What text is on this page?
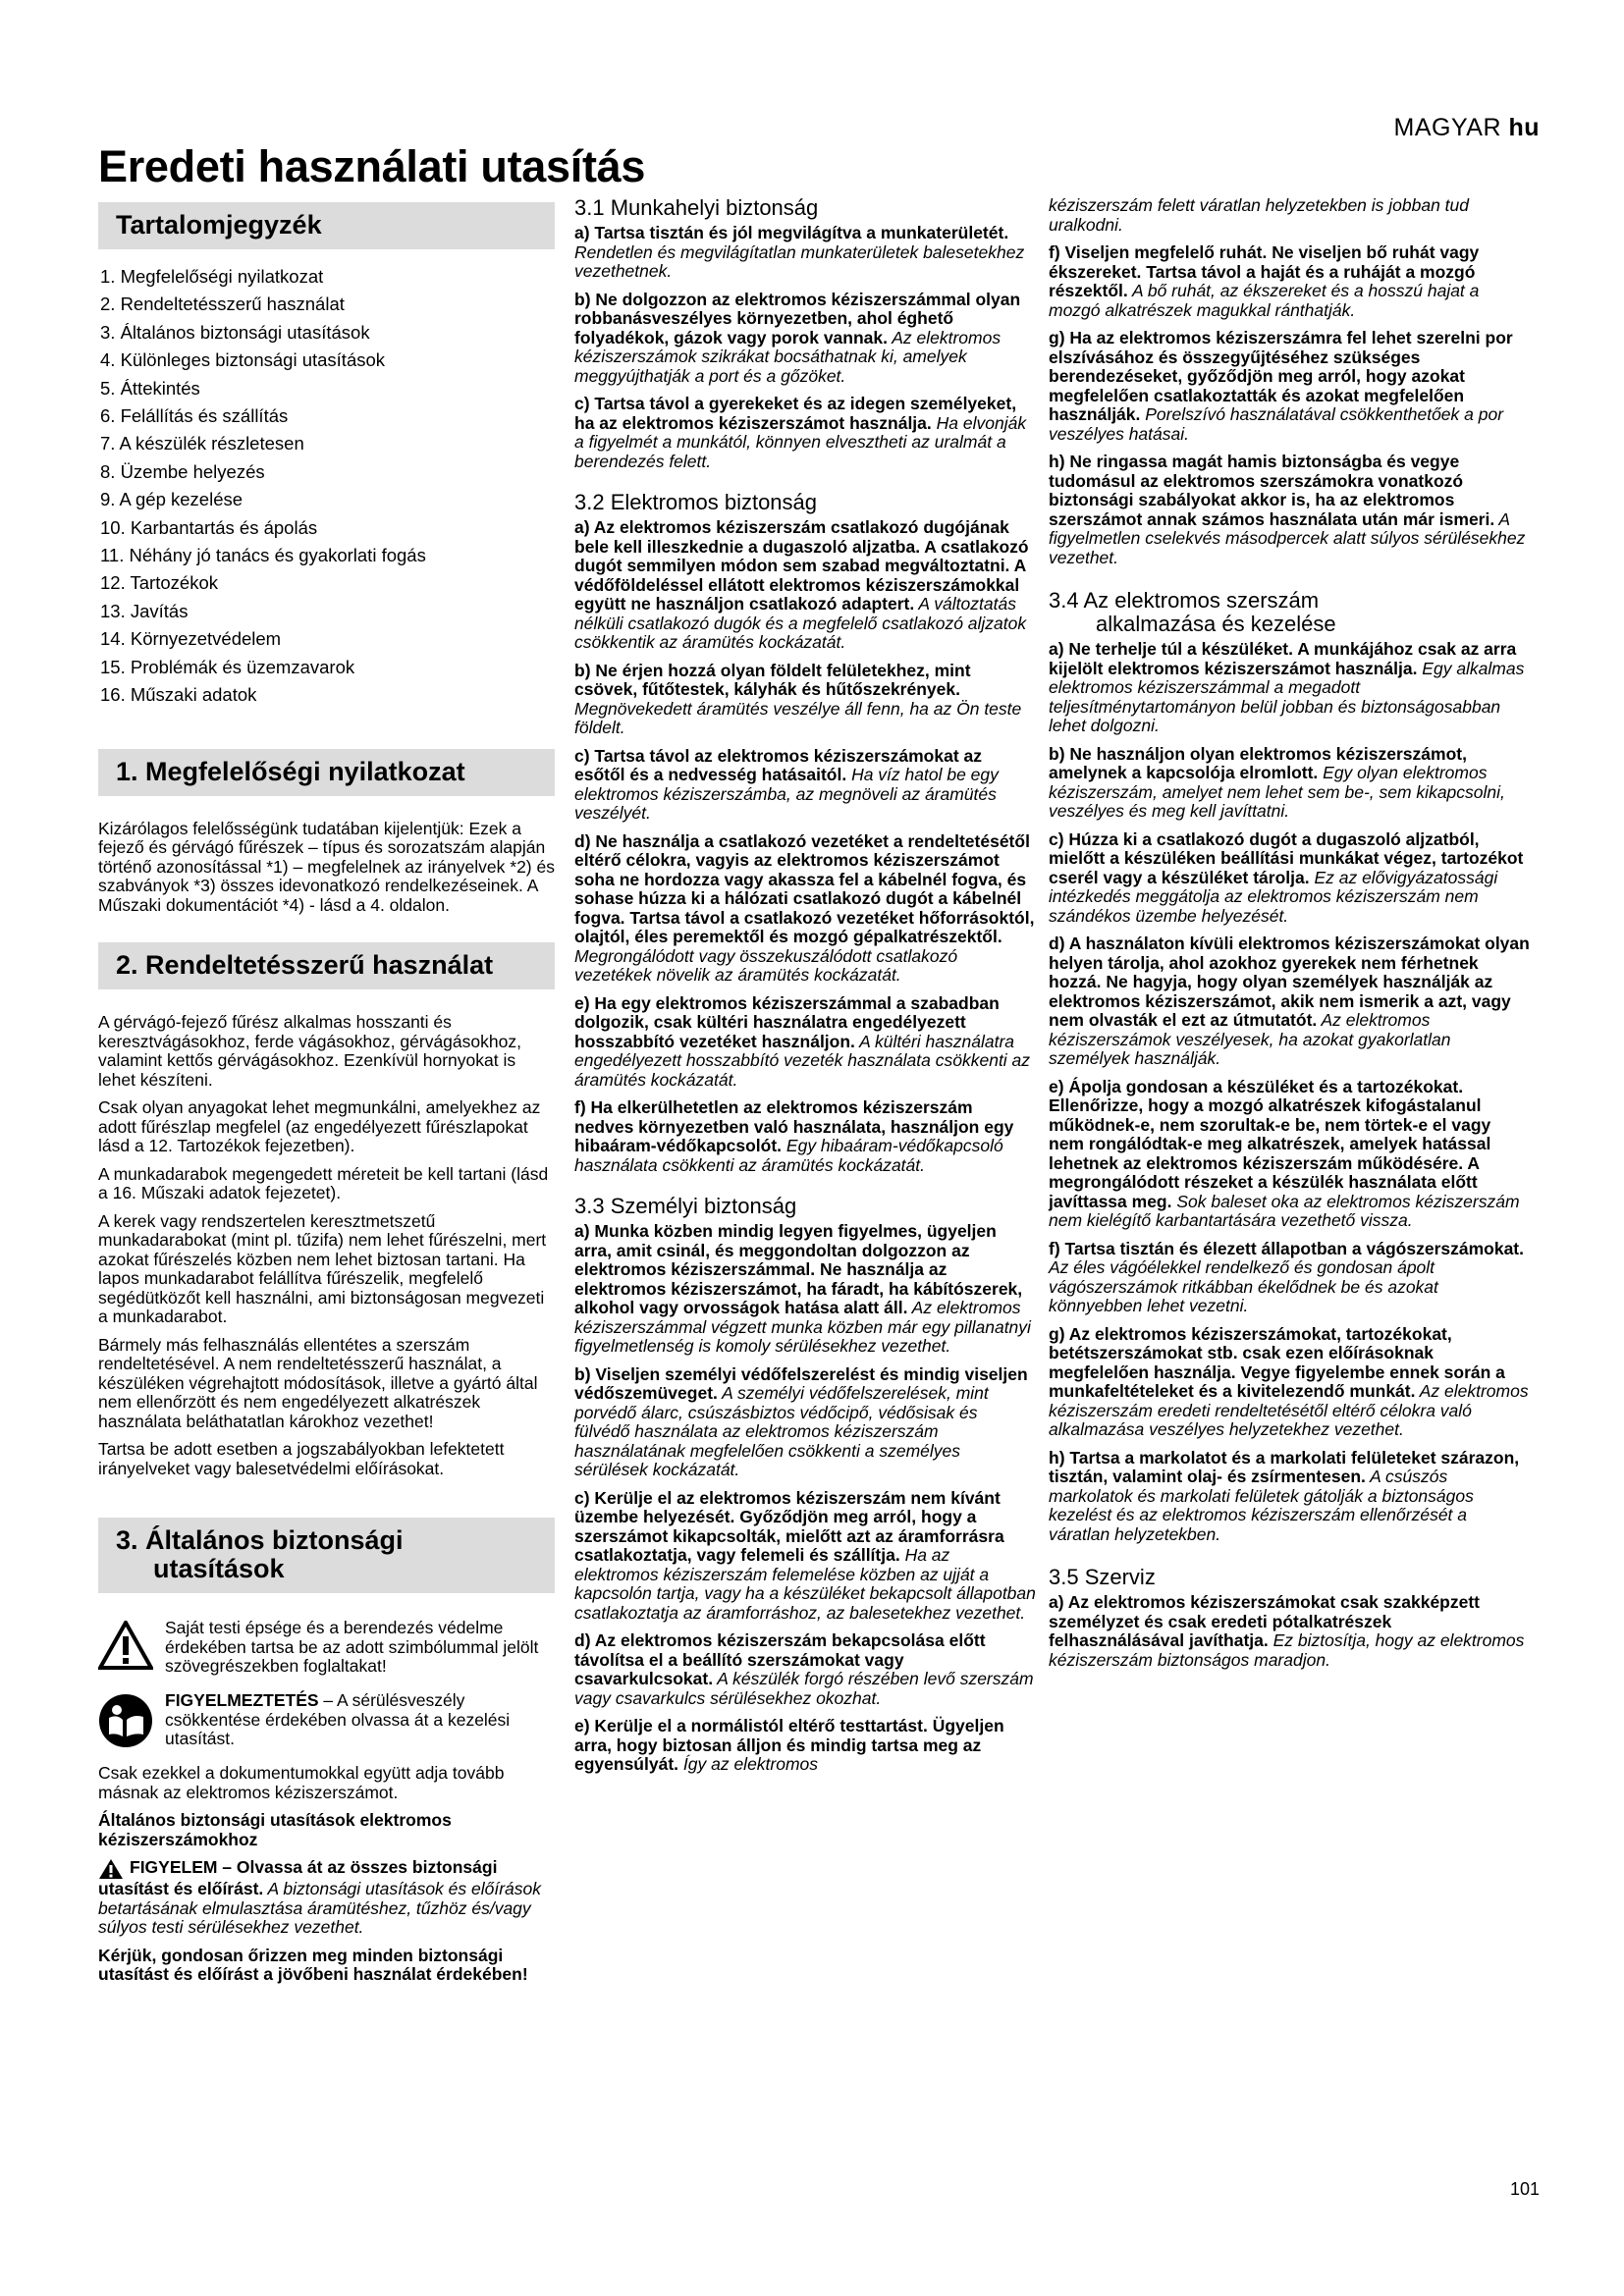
MAGYAR hu
Eredeti használati utasítás
Tartalomjegyzék
1. Megfelelőségi nyilatkozat
2. Rendeltetésszerű használat
3. Általános biztonsági utasítások
4. Különleges biztonsági utasítások
5. Áttekintés
6. Felállítás és szállítás
7. A készülék részletesen
8. Üzembe helyezés
9. A gép kezelése
10. Karbantartás és ápolás
11. Néhány jó tanács és gyakorlati fogás
12. Tartozékok
13. Javítás
14. Környezetvédelem
15. Problémák és üzemzavarok
16. Műszaki adatok
1. Megfelelőségi nyilatkozat

Kizárólagos felelősségünk tudatában kijelentjük: Ezek a fejező és gérvágó fűrészek – típus és sorozatszám alapján történő azonosítással *1) – megfelelnek az irányelvek *2) és szabványok *3) összes idevonatkozó rendelkezéseinek. A Műszaki dokumentációt *4) - lásd a 4. oldalon.

2. Rendeltetésszerű használat

A gérvágó-fejező fűrész alkalmas hosszanti és keresztvágásokhoz, ferde vágásokhoz, gérvágásokhoz, valamint kettős gérvágásokhoz. Ezenkívül hornyokat is lehet készíteni.

Csak olyan anyagokat lehet megmunkálni, amelyekhez az adott fűrészlap megfelel (az engedélyezett fűrészlapokat lásd a 12. Tartozékok fejezetben).

A munkadarabok megengedett méreteit be kell tartani (lásd a 16. Műszaki adatok fejezetet).

A kerek vagy rendszertelen keresztmetszetű munkadarabokat (mint pl. tűzifa) nem lehet fűrészelni, mert azokat fűrészelés közben nem lehet biztosan tartani. Ha lapos munkadarabot felállítva fűrészelik, megfelelő segédütközőt kell használni, ami biztonságosan megvezeti a munkadarabot.

Bármely más felhasználás ellentétes a szerszám rendeltetésével. A nem rendeltetésszerű használat, a készüléken végrehajtott módosítások, illetve a gyártó által nem ellenőrzött és nem engedélyezett alkatrészek használata beláthatatlan károkhoz vezethet!

Tartsa be adott esetben a jogszabályokban lefektetett irányelveket vagy balesetvédelmi előírásokat.

3. Általános biztonsági
utasítások

Saját testi épsége és a berendezés védelme érdekében tartsa be az adott szimbólummal jelölt szövegrészekben foglaltakat!

FIGYELMEZTETÉS – A sérülésveszély csökkentése érdekében olvassa át a kezelési utasítást.

Csak ezekkel a dokumentumokkal együtt adja tovább másnak az elektromos kéziszerszámot.

Általános biztonsági utasítások elektromos kéziszerszámokhoz

FIGYELEM – Olvassa át az összes biztonsági utasítást és előírást. A biztonsági utasítások és előírások betartásának elmulasztása áramütéshez, tűzhöz és/vagy súlyos testi sérülésekhez vezethet.

Kérjük, gondosan őrizzen meg minden biztonsági utasítást és előírást a jövőbeni használat érdekében!

3.1 Munkahelyi biztonság

a) Tartsa tisztán és jól megvilágítva a munkaterületét. Rendetlen és megvilágítatlan munkaterületek balesetekhez vezethetnek.

b) Ne dolgozzon az elektromos kéziszerszámmal olyan robbanásveszélyes környezetben, ahol éghető folyadékok, gázok vagy porok vannak. Az elektromos kéziszerszámok szikrákat bocsáthatnak ki, amelyek meggyújthatják a port és a gőzöket.

c) Tartsa távol a gyerekeket és az idegen személyeket, ha az elektromos kéziszerszámot használja. Ha elvonják a figyelmét a munkától, könnyen elvesztheti az uralmát a berendezés felett.

3.2 Elektromos biztonság

a) Az elektromos kéziszerszám csatlakozó dugójának bele kell illeszkednie a dugaszoló aljzatba. A csatlakozó dugót semmilyen módon sem szabad megváltoztatni. A védőföldeléssel ellátott elektromos kéziszerszámokkal együtt ne használjon csatlakozó adaptert. A változtatás nélküli csatlakozó dugók és a megfelelő csatlakozó aljzatok csökkentik az áramütés kockázatát.

b) Ne érjen hozzá olyan földelt felületekhez, mint csövek, fűtőtestek, kályhák és hűtőszekrények. Megnövekedett áramütés veszélye áll fenn, ha az Ön teste földelt.

c) Tartsa távol az elektromos kéziszerszámokat az esőtől és a nedvesség hatásaitól. Ha víz hatol be egy elektromos kéziszerszámba, az megnöveli az áramütés veszélyét.

d) Ne használja a csatlakozó vezetéket a rendeltetésétől eltérő célokra, vagyis az elektromos kéziszerszámot soha ne hordozza vagy akassza fel a kábelnél fogva, és sohase húzza ki a hálózati csatlakozó dugót a kábelnél fogva. Tartsa távol a csatlakozó vezetéket hőforrásoktól, olajtól, éles peremektől és mozgó gépalkatrészektől. Megrongálódott vagy összekuszálódott csatlakozó vezetékek növelik az áramütés kockázatát.

e) Ha egy elektromos kéziszerszámmal a szabadban dolgozik, csak kültéri használatra engedélyezett hosszabbító vezetéket használjon. A kültéri használatra engedélyezett hosszabbító vezeték használata csökkenti az áramütés kockázatát.

f) Ha elkerülhetetlen az elektromos kéziszerszám nedves környezetben való használata, használjon egy hibaáram-védőkapcsolót. Egy hibaáram-védőkapcsoló használata csökkenti az áramütés kockázatát.

3.3 Személyi biztonság

a) Munka közben mindig legyen figyelmes, ügyeljen arra, amit csinál, és meggondoltan dolgozzon az elektromos kéziszerszámmal. Ne használja az elektromos kéziszerszámot, ha fáradt, ha kábítószerek, alkohol vagy orvosságok hatása alatt áll. Az elektromos kéziszerszámmal végzett munka közben már egy pillanatnyi figyelmetlenség is komoly sérülésekhez vezethet.

b) Viseljen személyi védőfelszerelést és mindig viseljen védőszemüveget. A személyi védőfelszerelések, mint porvédő álarc, csúszásbiztos védőcipő, védősisak és fülvédő használata az elektromos kéziszerszám használatának megfelelően csökkenti a személyes sérülések kockázatát.

c) Kerülje el az elektromos kéziszerszám nem kívánt üzembe helyezését. Győződjön meg arról, hogy a szerszámot kikapcsolták, mielőtt azt az áramforrásra csatlakoztatja, vagy felemeli és szállítja. Ha az elektromos kéziszerszám felemelése közben az ujját a kapcsolón tartja, vagy ha a készüléket bekapcsolt állapotban csatlakoztatja az áramforráshoz, az balesetekhez vezethet.

d) Az elektromos kéziszerszám bekapcsolása előtt távolítsa el a beállító szerszámokat vagy csavarkulcsokat. A készülék forgó részében levő szerszám vagy csavarkulcs sérülésekhez okozhat.

e) Kerülje el a normálistól eltérő testtartást. Ügyeljen arra, hogy biztosan álljon és mindig tartsa meg az egyensúlyát. Így az elektromos

kéziszerszám felett váratlan helyzetekben is jobban tud uralkodni.

f) Viseljen megfelelő ruhát. Ne viseljen bő ruhát vagy ékszereket. Tartsa távol a haját és a ruháját a mozgó részektől. A bő ruhát, az ékszereket és a hosszú hajat a mozgó alkatrészek magukkal ránthatják.

g) Ha az elektromos kéziszerszámra fel lehet szerelni por elszívásához és összegyűjtéséhez szükséges berendezéseket, győződjön meg arról, hogy azokat megfelelően csatlakoztatták és azokat megfelelően használják. Porelszívó használatával csökkenthetőek a por veszélyes hatásai.

h) Ne ringassa magát hamis biztonságba és vegye tudomásul az elektromos szerszámokra vonatkozó biztonsági szabályokat akkor is, ha az elektromos szerszámot annak számos használata után már ismeri. A figyelmetlen cselekvés másodpercek alatt súlyos sérülésekhez vezethet.

3.4 Az elektromos szerszám
alkalmazása és kezelése

a) Ne terhelje túl a készüléket. A munkájához csak az arra kijelölt elektromos kéziszerszámot használja. Egy alkalmas elektromos kéziszerszámmal a megadott teljesítménytartományon belül jobban és biztonságosabban lehet dolgozni.

b) Ne használjon olyan elektromos kéziszerszámot, amelynek a kapcsolója elromlott. Egy olyan elektromos kéziszerszám, amelyet nem lehet sem be-, sem kikapcsolni, veszélyes és meg kell javíttatni.

c) Húzza ki a csatlakozó dugót a dugaszoló aljzatból, mielőtt a készüléken beállítási munkákat végez, tartozékot cserél vagy a készüléket tárolja. Ez az elővigyázatossági intézkedés meggátolja az elektromos kéziszerszám nem szándékos üzembe helyezését.

d) A használaton kívüli elektromos kéziszerszámokat olyan helyen tárolja, ahol azokhoz gyerekek nem férhetnek hozzá. Ne hagyja, hogy olyan személyek használják az elektromos kéziszerszámot, akik nem ismerik a azt, vagy nem olvasták el ezt az útmutatót. Az elektromos kéziszerszámok veszélyesek, ha azokat gyakorlatlan személyek használják.

e) Ápolja gondosan a készüléket és a tartozékokat. Ellenőrizze, hogy a mozgó alkatrészek kifogástalanul működnek-e, nem szorultak-e be, nem törtek-e el vagy nem rongálódtak-e meg alkatrészek, amelyek hatással lehetnek az elektromos kéziszerszám működésére. A megrongálódott részeket a készülék használata előtt javíttassa meg. Sok baleset oka az elektromos kéziszerszám nem kielégítő karbantartására vezethető vissza.

f) Tartsa tisztán és élezett állapotban a vágószerszámokat. Az éles vágóélekkel rendelkező és gondosan ápolt vágószerszámok ritkábban ékelődnek be és azokat könnyebben lehet vezetni.

g) Az elektromos kéziszerszámokat, tartozékokat, betétszerszámokat stb. csak ezen előírásoknak megfelelően használja. Vegye figyelembe ennek során a munkafeltételeket és a kivitelezendő munkát. Az elektromos kéziszerszám eredeti rendeltetésétől eltérő célokra való alkalmazása veszélyes helyzetekhez vezethet.

h) Tartsa a markolatot és a markolati felületeket szárazon, tisztán, valamint olaj- és zsírmentesen. A csúszós markolatok és markolati felületek gátolják a biztonságos kezelést és az elektromos kéziszerszám ellenőrzését a váratlan helyzetekben.

3.5 Szerviz

a) Az elektromos kéziszerszámokat csak szakképzett személyzet és csak eredeti pótalkatrészek felhasználásával javíthatja. Ez biztosítja, hogy az elektromos kéziszerszám biztonságos maradjon.

101
